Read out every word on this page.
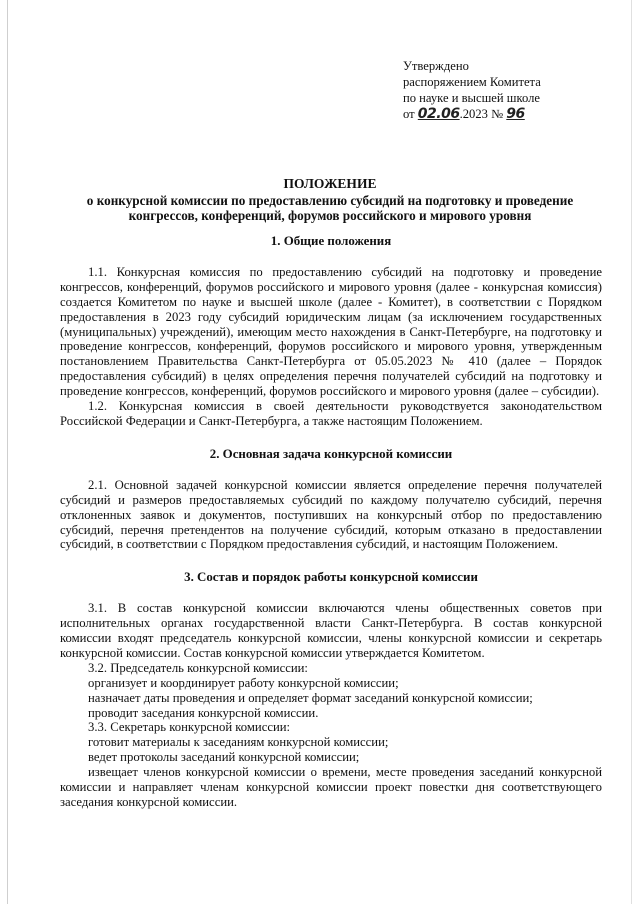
Утверждено
распоряжением Комитета
по науке и высшей школе
от 02.06.2023 № 96
ПОЛОЖЕНИЕ
о конкурсной комиссии по предоставлению субсидий на подготовку и проведение
конгрессов, конференций, форумов российского и мирового уровня
1. Общие положения

1.1. Конкурсная комиссия по предоставлению субсидий на подготовку и проведение конгрессов, конференций, форумов российского и мирового уровня (далее - конкурсная комиссия) создается Комитетом по науке и высшей школе (далее - Комитет), в соответствии с Порядком предоставления в 2023 году субсидий юридическим лицам (за исключением государственных (муниципальных) учреждений), имеющим место нахождения в Санкт-Петербурге, на подготовку и проведение конгрессов, конференций, форумов российского и мирового уровня, утвержденным постановлением Правительства Санкт-Петербурга от 05.05.2023 № 410 (далее – Порядок предоставления субсидий) в целях определения перечня получателей субсидий на подготовку и проведение конгрессов, конференций, форумов российского и мирового уровня (далее – субсидии).

1.2. Конкурсная комиссия в своей деятельности руководствуется законодательством Российской Федерации и Санкт-Петербурга, а также настоящим Положением.

2. Основная задача конкурсной комиссии

2.1. Основной задачей конкурсной комиссии является определение перечня получателей субсидий и размеров предоставляемых субсидий по каждому получателю субсидий, перечня отклоненных заявок и документов, поступивших на конкурсный отбор по предоставлению субсидий, перечня претендентов на получение субсидий, которым отказано в предоставлении субсидий, в соответствии с Порядком предоставления субсидий, и настоящим Положением.

3. Состав и порядок работы конкурсной комиссии

3.1. В состав конкурсной комиссии включаются члены общественных советов при исполнительных органах государственной власти Санкт-Петербурга. В состав конкурсной комиссии входят председатель конкурсной комиссии, члены конкурсной комиссии и секретарь конкурсной комиссии. Состав конкурсной комиссии утверждается Комитетом.

3.2. Председатель конкурсной комиссии:

организует и координирует работу конкурсной комиссии;

назначает даты проведения и определяет формат заседаний конкурсной комиссии;

проводит заседания конкурсной комиссии.

3.3. Секретарь конкурсной комиссии:

готовит материалы к заседаниям конкурсной комиссии;

ведет протоколы заседаний конкурсной комиссии;

извещает членов конкурсной комиссии о времени, месте проведения заседаний конкурсной комиссии и направляет членам конкурсной комиссии проект повестки дня соответствующего заседания конкурсной комиссии.
